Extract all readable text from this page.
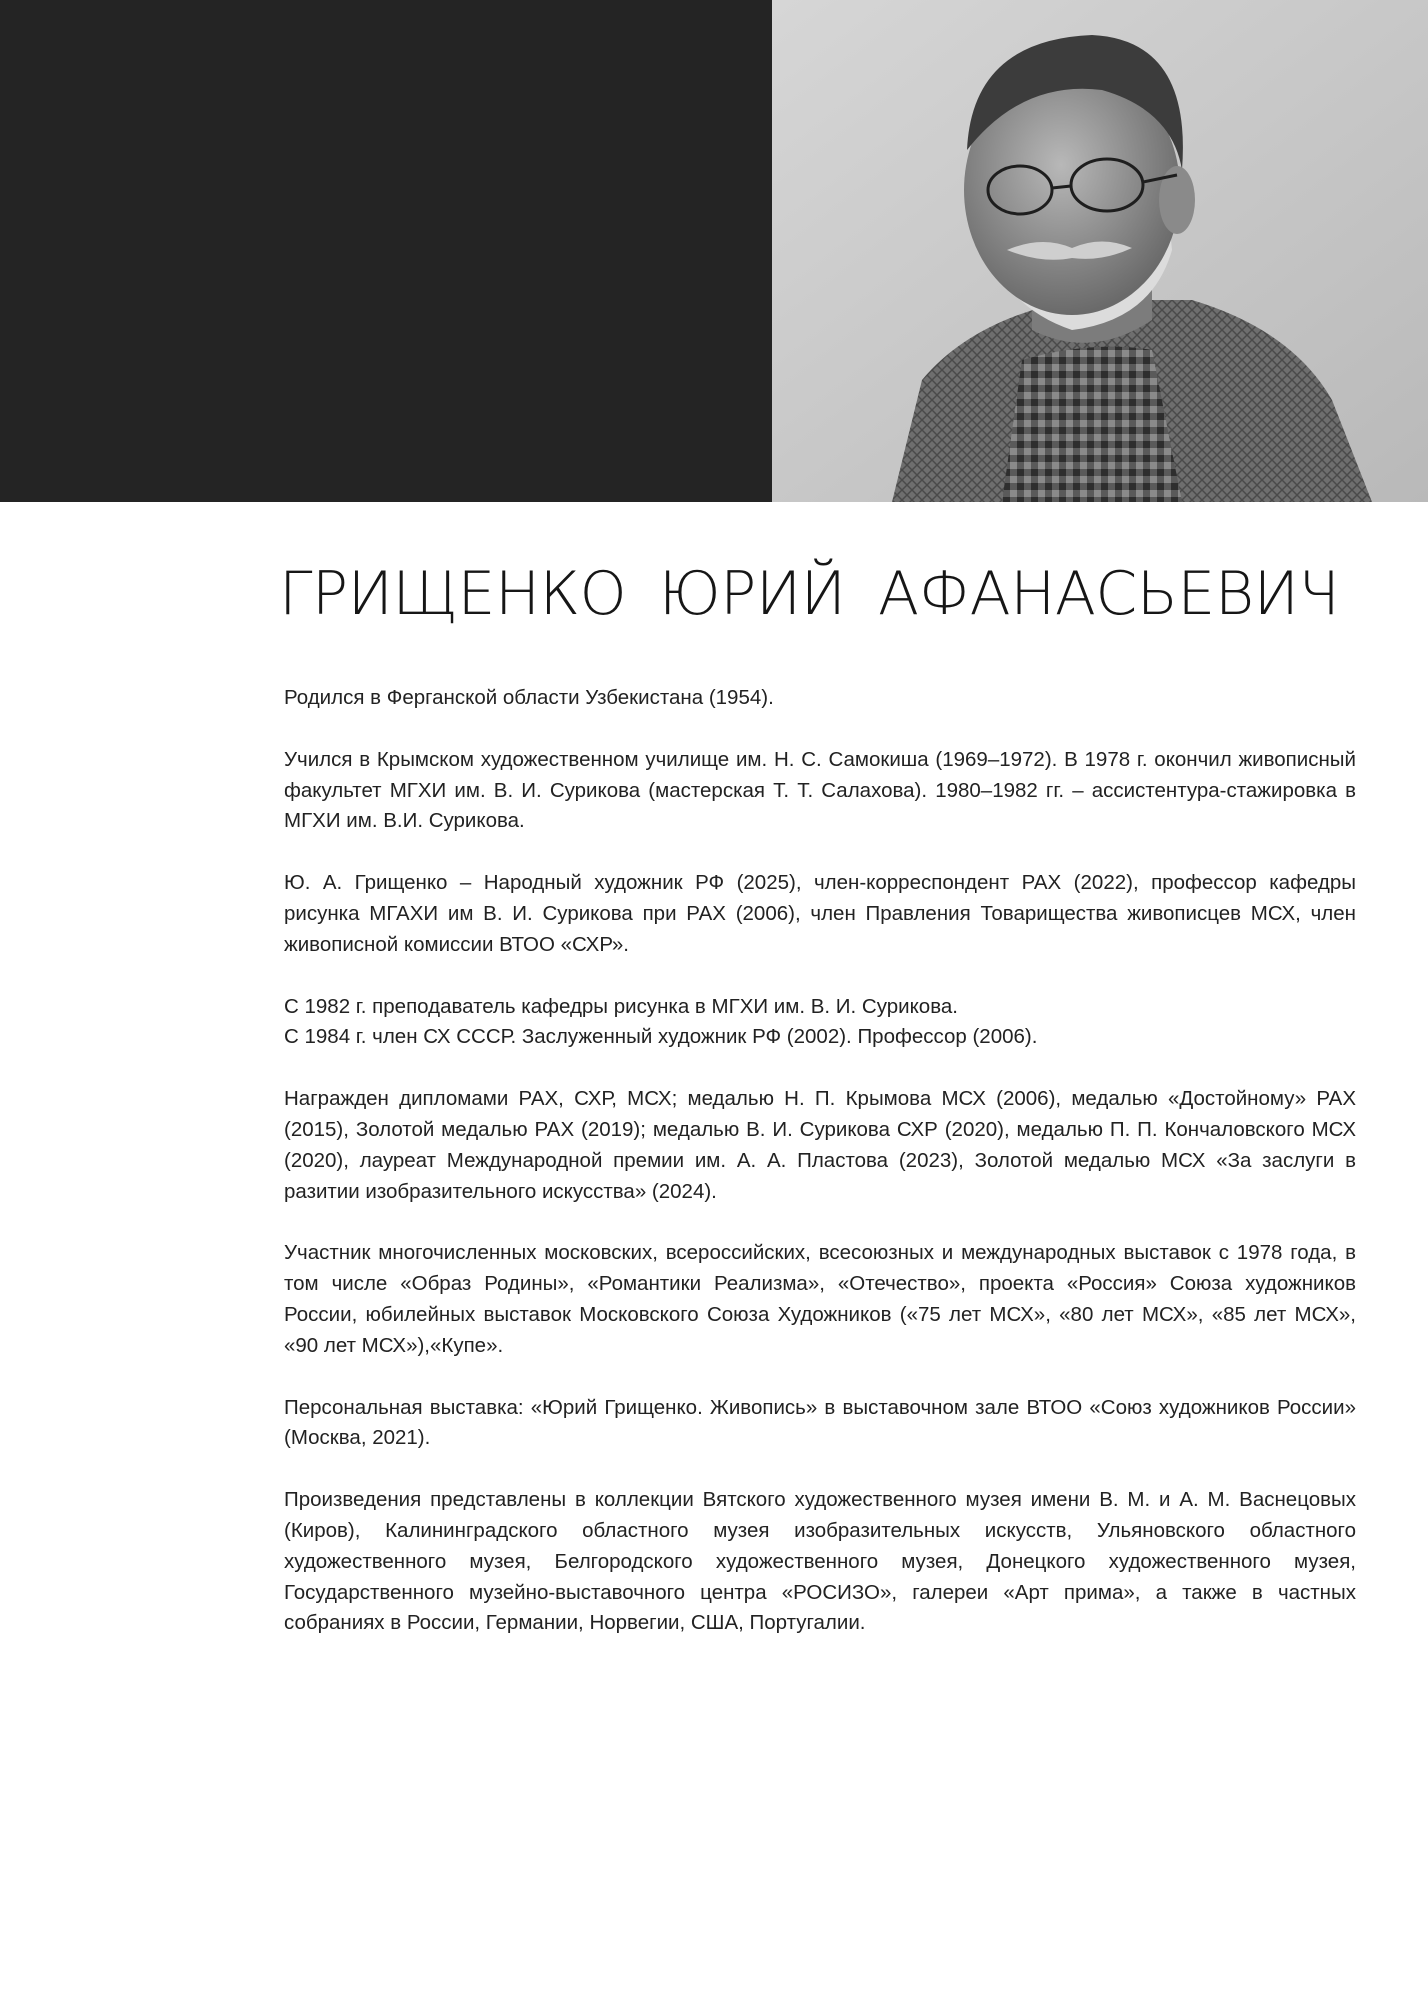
ГРИЩЕНКО ЮРИЙ АФАНАСЬЕВИЧ

Родился в Ферганской области Узбекистана (1954).

Учился в Крымском художественном училище им. Н. С. Самокиша (1969–1972). В 1978 г. окончил живописный факультет МГХИ им. В. И. Сурикова (мастерская Т. Т. Салахова). 1980–1982 гг. – ассистентура-стажировка в МГХИ им. В.И. Сурикова.

Ю. А. Грищенко – Народный художник РФ (2025), член-корреспондент РАХ (2022), профессор кафедры рисунка МГАХИ им В. И. Сурикова при РАХ (2006), член Правления Товарищества живописцев МСХ, член живописной комиссии ВТОО «СХР».

С 1982 г. преподаватель кафедры рисунка в МГХИ им. В. И. Сурикова.

С 1984 г. член СХ СССР. Заслуженный художник РФ (2002). Профессор (2006).

Награжден дипломами РАХ, СХР, МСХ; медалью Н. П. Крымова МСХ (2006), медалью «Достойному» РАХ (2015), Золотой медалью РАХ (2019); медалью В. И. Сурикова СХР (2020), медалью П. П. Кончаловского МСХ (2020), лауреат Международной премии им. А. А. Пластова (2023), Золотой медалью МСХ «За заслуги в разитии изобразительного искусства» (2024).

Участник многочисленных московских, всероссийских, всесоюзных и международных выставок с 1978 года, в том числе «Образ Родины», «Романтики Реализма», «Отечество», проекта «Россия» Союза художников России, юбилейных выставок Московского Союза Художников («75 лет МСХ», «80 лет МСХ», «85 лет МСХ», «90 лет МСХ»),«Купе».

Персональная выставка: «Юрий Грищенко. Живопись» в выставочном зале ВТОО «Союз художников России» (Москва, 2021).

Произведения представлены в коллекции Вятского художественного музея имени В. М. и А. М. Васнецовых (Киров), Калининградского областного музея изобразительных искусств, Ульяновского областного художественного музея, Белгородского художественного музея, Донецкого художественного музея, Государственного музейно-выставочного центра «РОСИЗО», галереи «Арт прима», а также в частных собраниях в России, Германии, Норвегии, США, Португалии.
